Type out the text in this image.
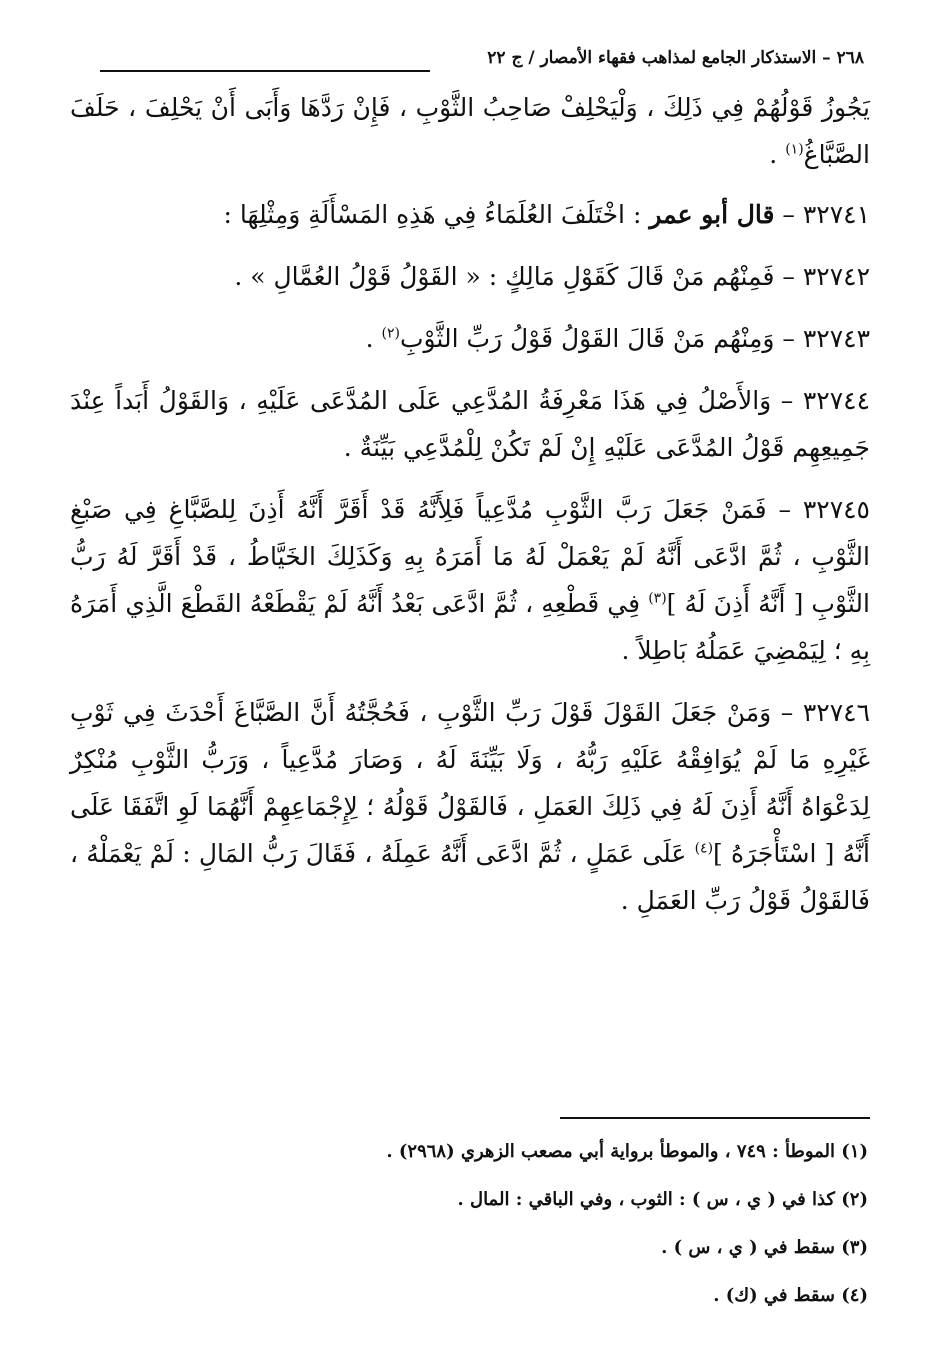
٢٦٨ – الاستذكار الجامع لمذاهب فقهاء الأمصار / ج ٢٢

يَجُوزُ قَوْلُهُمْ فِي ذَلِكَ ، وَلْيَحْلِفْ صَاحِبُ الثَّوْبِ ، فَإِنْ رَدَّهَا وَأَبَى أَنْ يَحْلِفَ ، حَلَفَ الصَّبَّاغُ$^{(١)}$ .

٣٢٧٤١ – قال أبو عمر : اخْتَلَفَ العُلَمَاءُ فِي هَذِهِ المَسْأَلَةِ وَمِثْلِهَا :

٣٢٧٤٢ – فَمِنْهُم مَنْ قَالَ كَقَوْلِ مَالِكٍ : « القَوْلُ قَوْلُ العُمَّالِ » .

٣٢٧٤٣ – وَمِنْهُم مَنْ قَالَ القَوْلُ قَوْلُ رَبِّ الثَّوْبِ$^{(٢)}$ .

٣٢٧٤٤ – وَالأَصْلُ فِي هَذَا مَعْرِفَةُ المُدَّعِي عَلَى المُدَّعَى عَلَيْهِ ، وَالقَوْلُ أَبَداً عِنْدَ جَمِيعِهِم قَوْلُ المُدَّعَى عَلَيْهِ إِنْ لَمْ تَكُنْ لِلْمُدَّعِي بَيِّنَةٌ .

٣٢٧٤٥ – فَمَنْ جَعَلَ رَبَّ الثَّوْبِ مُدَّعِياً فَلِأَنَّهُ قَدْ أَقَرَّ أَنَّهُ أَذِنَ لِلصَّبَّاغِ فِي صَبْغِ الثَّوْبِ ، ثُمَّ ادَّعَى أَنَّهُ لَمْ يَعْمَلْ لَهُ مَا أَمَرَهُ بِهِ وَكَذَلِكَ الخَيَّاطُ ، قَدْ أَقَرَّ لَهُ رَبُّ الثَّوْبِ [ أَنَّهُ أَذِنَ لَهُ ]$^{(٣)}$ فِي قَطْعِهِ ، ثُمَّ ادَّعَى بَعْدُ أَنَّهُ لَمْ يَقْطَعْهُ القَطْعَ الَّذِي أَمَرَهُ بِهِ ؛ لِيَمْضِيَ عَمَلُهُ بَاطِلاً .

٣٢٧٤٦ – وَمَنْ جَعَلَ القَوْلَ قَوْلَ رَبِّ الثَّوْبِ ، فَحُجَّتُهُ أَنَّ الصَّبَّاغَ أَحْدَثَ فِي ثَوْبِ غَيْرِهِ مَا لَمْ يُوَافِقْهُ عَلَيْهِ رَبُّهُ ، وَلَا بَيِّنَةَ لَهُ ، وَصَارَ مُدَّعِياً ، وَرَبُّ الثَّوْبِ مُنْكِرٌ لِدَعْوَاهُ أَنَّهُ أَذِنَ لَهُ فِي ذَلِكَ العَمَلِ ، فَالقَوْلُ قَوْلُهُ ؛ لِإِجْمَاعِهِمْ أَنَّهُمَا لَوِ اتَّفَقَا عَلَى أَنَّهُ [ اسْتَأْجَرَهُ ]$^{(٤)}$ عَلَى عَمَلٍ ، ثُمَّ ادَّعَى أَنَّهُ عَمِلَهُ ، فَقَالَ رَبُّ المَالِ : لَمْ يَعْمَلْهُ ، فَالقَوْلُ قَوْلُ رَبِّ العَمَلِ .

(١) الموطأ : ٧٤٩ ، والموطأ برواية أبي مصعب الزهري (٢٩٦٨) .

(٢) كذا في ( ي ، س ) : الثوب ، وفي الباقي : المال .

(٣) سقط في ( ي ، س ) .

(٤) سقط في (ك) .
